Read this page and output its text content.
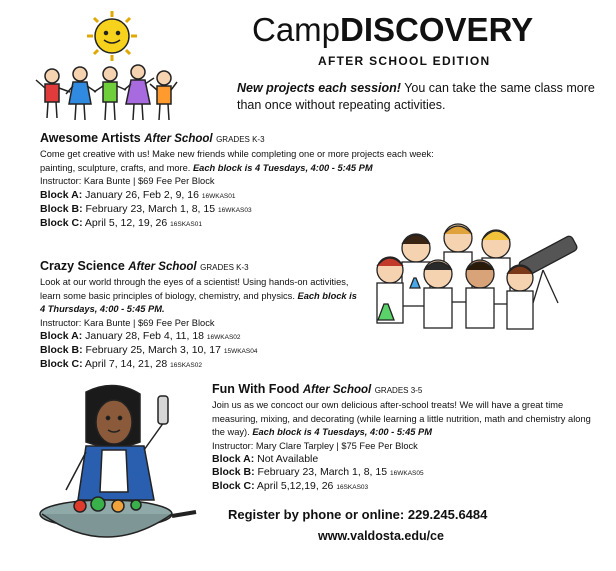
CampDISCOVERY
AFTER SCHOOL EDITION
New projects each session! You can take the same class more than once without repeating activities.
Awesome Artists After School GRADES K-3
Come get creative with us! Make new friends while completing one or more projects each week: painting, sculpture, crafts, and more. Each block is 4 Tuesdays, 4:00 - 5:45 PM
Instructor: Kara Bunte | $69 Fee Per Block
Block A: January 26, Feb 2, 9, 16 16WKAS01
Block B: February 23, March 1, 8, 15 16WKAS03
Block C: April 5, 12, 19, 26 16SKAS01
Crazy Science After School GRADES K-3
Look at our world through the eyes of a scientist! Using hands-on activities, learn some basic principles of biology, chemistry, and physics. Each block is 4 Thursdays, 4:00 - 5:45 PM.
Instructor: Kara Bunte | $69 Fee Per Block
Block A: January 28, Feb 4, 11, 18 16WKAS02
Block B: February 25, March 3, 10, 17 15WKAS04
Block C: April 7, 14, 21, 28 16SKAS02
Fun With Food After School GRADES 3-5
Join us as we concoct our own delicious after-school treats! We will have a great time measuring, mixing, and decorating (while learning a little nutrition, math and chemistry along the way). Each block is 4 Tuesdays, 4:00 - 5:45 PM
Instructor: Mary Clare Tarpley | $75 Fee Per Block
Block A: Not Available
Block B: February 23, March 1, 8, 15 16WKAS05
Block C: April 5,12,19, 26 16SKAS03
Register by phone or online: 229.245.6484
www.valdosta.edu/ce
